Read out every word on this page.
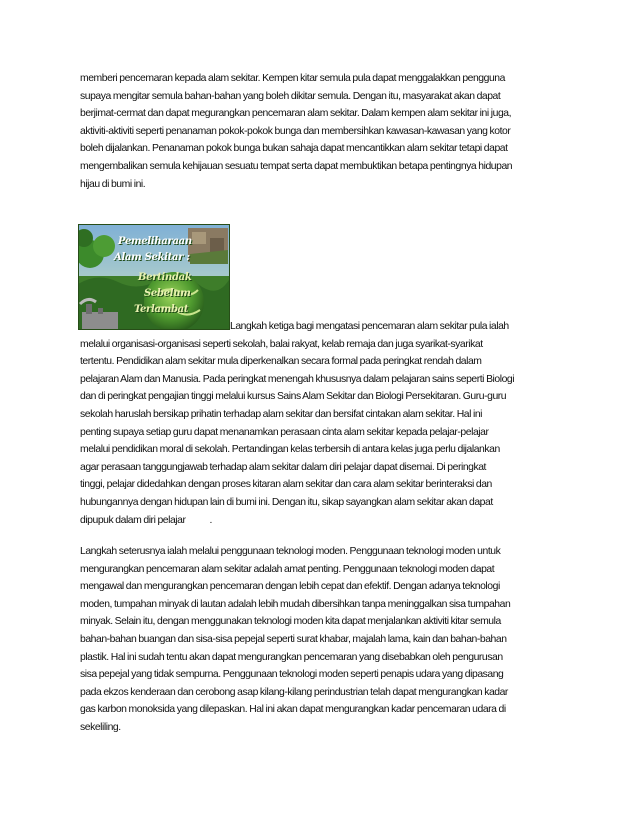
memberi pencemaran kepada alam sekitar. Kempen kitar semula pula dapat menggalakkan pengguna
supaya mengitar semula bahan-bahan yang boleh dikitar semula. Dengan itu, masyarakat akan dapat
berjimat-cermat dan dapat megurangkan pencemaran alam sekitar. Dalam kempen alam sekitar ini juga,
aktiviti-aktiviti seperti penanaman pokok-pokok bunga dan membersihkan kawasan-kawasan yang kotor
boleh dijalankan. Penanaman pokok bunga bukan sahaja dapat mencantikkan alam sekitar tetapi dapat
mengembalikan semula kehijauan sesuatu tempat serta dapat membuktikan betapa pentingnya hidupan
hijau di bumi ini.
Pemeliharaan
Alam Sekitar :
Bertindak
Sebelum
Terlambat
Langkah ketiga bagi mengatasi pencemaran alam sekitar pula ialah
melalui organisasi-organisasi seperti sekolah, balai rakyat, kelab remaja dan juga syarikat-syarikat
tertentu. Pendidikan alam sekitar mula diperkenalkan secara formal pada peringkat rendah dalam
pelajaran Alam dan Manusia. Pada peringkat menengah khususnya dalam pelajaran sains seperti Biologi
dan di peringkat pengajian tinggi melalui kursus Sains Alam Sekitar dan Biologi Persekitaran. Guru-guru
sekolah haruslah bersikap prihatin terhadap alam sekitar dan bersifat cintakan alam sekitar. Hal ini
penting supaya setiap guru dapat menanamkan perasaan cinta alam sekitar kepada pelajar-pelajar
melalui pendidikan moral di sekolah. Pertandingan kelas terbersih di antara kelas juga perlu dijalankan
agar perasaan tanggungjawab terhadap alam sekitar dalam diri pelajar dapat disemai. Di peringkat
tinggi, pelajar didedahkan dengan proses kitaran alam sekitar dan cara alam sekitar berinteraksi dan
hubungannya dengan hidupan lain di bumi ini. Dengan itu, sikap sayangkan alam sekitar akan dapat
dipupuk dalam diri pelajar .
Langkah seterusnya ialah melalui penggunaan teknologi moden. Penggunaan teknologi moden untuk
mengurangkan pencemaran alam sekitar adalah amat penting. Penggunaan teknologi moden dapat
mengawal dan mengurangkan pencemaran dengan lebih cepat dan efektif. Dengan adanya teknologi
moden, tumpahan minyak di lautan adalah lebih mudah dibersihkan tanpa meninggalkan sisa tumpahan
minyak. Selain itu, dengan menggunakan teknologi moden kita dapat menjalankan aktiviti kitar semula
bahan-bahan buangan dan sisa-sisa pepejal seperti surat khabar, majalah lama, kain dan bahan-bahan
plastik. Hal ini sudah tentu akan dapat mengurangkan pencemaran yang disebabkan oleh pengurusan
sisa pepejal yang tidak sempurna. Penggunaan teknologi moden seperti penapis udara yang dipasang
pada ekzos kenderaan dan cerobong asap kilang-kilang perindustrian telah dapat mengurangkan kadar
gas karbon monoksida yang dilepaskan. Hal ini akan dapat mengurangkan kadar pencemaran udara di
sekeliling.
